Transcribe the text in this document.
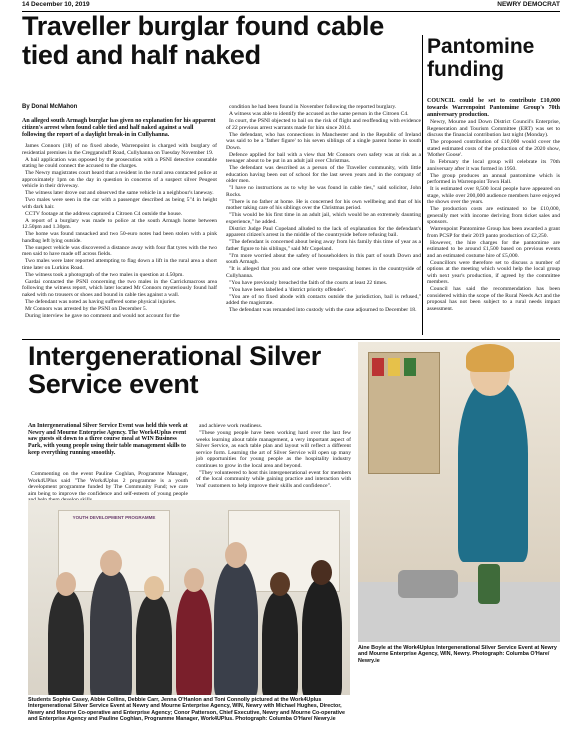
14 December 10, 2019	NEWRY DEMOCRAT
Traveller burglar found cable tied and half naked
By Donal McMahon
An alleged south Armagh burglar has given no explanation for his apparent citizen's arrest when found cable tied and half naked against a wall following the report of a daylight break-in in Cullyhanna.

James Connors (18) of no fixed abode, Warrenpoint is charged with burglary of residential premises in the Creggansluff Road, Cullyhanna on Tuesday November 19.

A bail application was opposed by the prosecution with a PSNI detective constable stating he could connect the accused to the charges.

The Newry magistrates court heard that a resident in the rural area contacted police at approximately 1pm on the day in question in concerns of a suspect silver Peugeot vehicle in their driveway.

The witness later drove out and observed the same vehicle in a neighbour's laneway.

Two males were seen in the car with a passenger described as being 5"4 in height with dark hair.

CCTV footage at the address captured a Citroen C4 outside the house.

A report of a burglary was made to police at the south Armagh home between 12.50pm and 1.30pm.

The home was found ransacked and two 50-euro notes had been stolen with a pink handbag left lying outside.

The suspect vehicle was discovered a distance away with four flat tyres with the two men said to have made off across fields.

Two males were later reported attempting to flag down a lift in the rural area a short time later on Lurkins Road.

The witness took a photograph of the two males in question at 4.50pm.

Gardai contacted the PSNI concerning the two males in the Carrickmacross area following the witness report, which later located Mr Connors mysteriously found half naked with no trousers or shoes and bound in cable ties against a wall.

The defendant was noted as having suffered some physical injuries.

Mr Connors was arrested by the PSNI on December 5.

During interview he gave no comment and would not account for the

condition he had been found in November following the reported burglary.

A witness was able to identify the accused as the same person in the Citroen C4.

In court, the PSNI objected to bail on the risk of flight and reoffending with evidence of 22 previous arrest warrants made for him since 2014.

The defendant, who has connections in Manchester and in the Republic of Ireland was said to be a 'father figure' to his seven siblings of a single parent home in south Down.

Defence applied for bail with a view that Mr Connors own safety was at risk as a teenager about to be put in an adult jail over Christmas.

The defendant was described as a person of the Traveller community, with little education having been out of school for the last seven years and in the company of older men.

"I have no instructions as to why he was found in cable ties," said solicitor, John Rocks.

"There is no father at home. He is concerned for his own wellbeing and that of his mother taking care of his siblings over the Christmas period.

"This would be his first time in an adult jail, which would be an extremely daunting experience," he added.

District Judge Paul Copeland alluded to the lack of explanation for the defendant's apparent citizen's arrest in the middle of the countryside before refusing bail.

"The defendant is concerned about being away from his family this time of year as a father figure to his siblings," said Mr Copeland.

"I'm more worried about the safety of householders in this part of south Down and south Armagh.

"It is alleged that you and one other were trespassing homes in the countryside of Cullyhanna.

"You have previously breached the faith of the courts at least 22 times.

"You have been labelled a 'district priority offender'.

"You are of no fixed abode with contacts outside the jurisdiction, bail is refused," added the magistrate.

The defendant was remanded into custody with the case adjourned to December 18.

Pantomine funding

COUNCIL could be set to contribute £10,000 towards Warrenpoint Pantomime Group's 70th anniversary production.

Newry, Mourne and Down District Council's Enterprise, Regeneration and Tourism Committee (ERT) was set to discuss the financial contribution last night (Monday).

The proposed contribution of £10,000 would cover the stated estimated costs of the production of the 2020 show, 'Mother Goose'.

In February the local group will celebrate its 70th anniversary after it was formed in 1950.

The group produces an annual pantomime which is performed in Warrenpoint Town Hall.

It is estimated over 8,500 local people have appeared on stage, while over 200,000 audience members have enjoyed the shows over the years.

The production costs are estimated to be £10,000, generally met with income deriving from ticket sales and sponsors.

Warrenpoint Pantomime Group has been awarded a grant from PCSP for their 2019 panto production of £2,250.

However, the hire charges for the pantomime are estimated to be around £1,500 based on previous events and an estimated costume hire of £5,000.

Councillors were therefore set to discuss a number of options at the meeting which would help the local group with next year's production, if agreed by the committee members.

Council has said the recommendation has been considered within the scope of the Rural Needs Act and the proposal has not been subject to a rural needs impact assessment.

Intergenerational Silver Service event
An Intergenerational Silver Service Event was held this week at Newry and Mourne Enterprise Agency. The Work4Uplus event saw guests sit down to a three course meal at WIN Business Park, with young people using their table management skills to keep everything running smoothly.

Commenting on the event Pauline Coghlan, Programme Manager, Work4UPlus said "The Work4Uplus 2 programme is a youth development programme funded by The Community Fund; we care aim being to improve the confidence and self-esteem of young people

and achieve work readiness.

"These young people have been working hard over the last few weeks learning about table management, a very important aspect of Silver Service, as each table plan and layout will reflect a different service form. Learning the art of Silver Service will open up many job opportunities for young people as the hospitality industry continues to grow in the local area and beyond.

"They volunteered to host this intergenerational event for members of the local community while gaining practice and interaction with 'real' customers to help improve their skills and confidence".

YOUTH DEVELOPMENT PROGRAMME
Students Sophie Casey, Abbie Collins, Debbie Carr, Jenna O'Hanlon and Toni Connolly pictured at the Work4Uplus Intergenerational Silver Service Event at Newry and Mourne Enterprise Agency, WIN, Newry with Michael Hughes, Director, Newry and Mourne Co-operative and Enterprise Agency; Conor Patterson, Chief Executive, Newry and Mourne Co-operative and Enterprise Agency and Pauline Coghlan, Programme Manager, Work4UPlus. Photograph: Columba O'Hare/ Newry.ie
Aine Boyle at the Work4Uplus Intergenerational Silver Service Event at Newry and Mourne Enterprise Agency, WIN, Newry. Photograph: Columba O'Hare/ Newry.ie
